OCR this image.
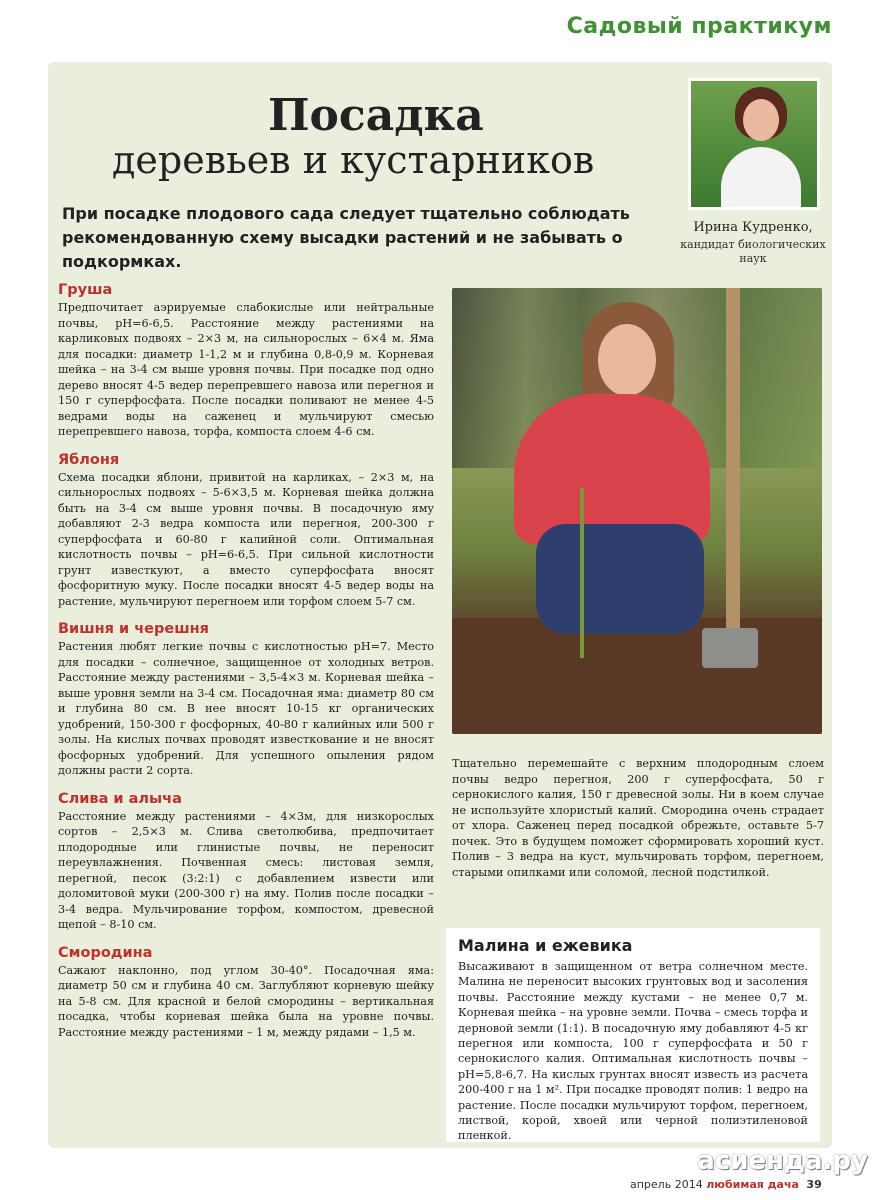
Садовый практикум
Посадка
деревьев и кустарников
При посадке плодового сада следует тщательно соблюдать рекомендованную схему высадки растений и не забывать о подкормках.
Ирина Кудренко,
кандидат биологических наук
Груша

Предпочитает аэрируемые слабокислые или нейтральные почвы, pH=6-6,5. Расстояние между растениями на карликовых подвоях – 2×3 м, на сильнорослых – 6×4 м. Яма для посадки: диаметр 1-1,2 м и глубина 0,8-0,9 м. Корневая шейка – на 3-4 см выше уровня почвы. При посадке под одно дерево вносят 4-5 ведер перепревшего навоза или перегноя и 150 г суперфосфата. После посадки поливают не менее 4-5 ведрами воды на саженец и мульчируют смесью перепревшего навоза, торфа, компоста слоем 4-6 см.

Яблоня

Схема посадки яблони, привитой на карликах, – 2×3 м, на сильнорослых подвоях – 5-6×3,5 м. Корневая шейка должна быть на 3-4 см выше уровня почвы. В посадочную яму добавляют 2-3 ведра компоста или перегноя, 200-300 г суперфосфата и 60-80 г калийной соли. Оптимальная кислотность почвы – pH=6-6,5. При сильной кислотности грунт известкуют, а вместо суперфосфата вносят фосфоритную муку. После посадки вносят 4-5 ведер воды на растение, мульчируют перегноем или торфом слоем 5-7 см.

Вишня и черешня

Растения любят легкие почвы с кислотностью pH=7. Место для посадки – солнечное, защищенное от холодных ветров. Расстояние между растениями – 3,5-4×3 м. Корневая шейка – выше уровня земли на 3-4 см. Посадочная яма: диаметр 80 см и глубина 80 см. В нее вносят 10-15 кг органических удобрений, 150-300 г фосфорных, 40-80 г калийных или 500 г золы. На кислых почвах проводят известкование и не вносят фосфорных удобрений. Для успешного опыления рядом должны расти 2 сорта.

Слива и алыча

Расстояние между растениями – 4×3м, для низкорослых сортов – 2,5×3 м. Слива светолюбива, предпочитает плодородные или глинистые почвы, не переносит переувлажнения. Почвенная смесь: листовая земля, перегной, песок (3:2:1) с добавлением извести или доломитовой муки (200-300 г) на яму. Полив после посадки – 3-4 ведра. Мульчирование торфом, компостом, древесной щепой – 8-10 см.

Смородина

Сажают наклонно, под углом 30-40°. Посадочная яма: диаметр 50 см и глубина 40 см. Заглубляют корневую шейку на 5-8 см. Для красной и белой смородины – вертикальная посадка, чтобы корневая шейка была на уровне почвы. Расстояние между растениями – 1 м, между рядами – 1,5 м.

Тщательно перемешайте с верхним плодородным слоем почвы ведро перегноя, 200 г суперфосфата, 50 г сернокислого калия, 150 г древесной золы. Ни в коем случае не используйте хлористый калий. Смородина очень страдает от хлора. Саженец перед посадкой обрежьте, оставьте 5-7 почек. Это в будущем поможет сформировать хороший куст. Полив – 3 ведра на куст, мульчировать торфом, перегноем, старыми опилками или соломой, лесной подстилкой.

Малина и ежевика

Высаживают в защищенном от ветра солнечном месте. Малина не переносит высоких грунтовых вод и засоления почвы. Расстояние между кустами – не менее 0,7 м. Корневая шейка – на уровне земли. Почва – смесь торфа и дерновой земли (1:1). В посадочную яму добавляют 4-5 кг перегноя или компоста, 100 г суперфосфата и 50 г сернокислого калия. Оптимальная кислотность почвы – pH=5,8-6,7. На кислых грунтах вносят известь из расчета 200-400 г на 1 м². При посадке проводят полив: 1 ведро на растение. После посадки мульчируют торфом, перегноем, листвой, корой, хвоей или черной полиэтиленовой пленкой.

апрель 2014 любимая дача 39
асиенда.ру
